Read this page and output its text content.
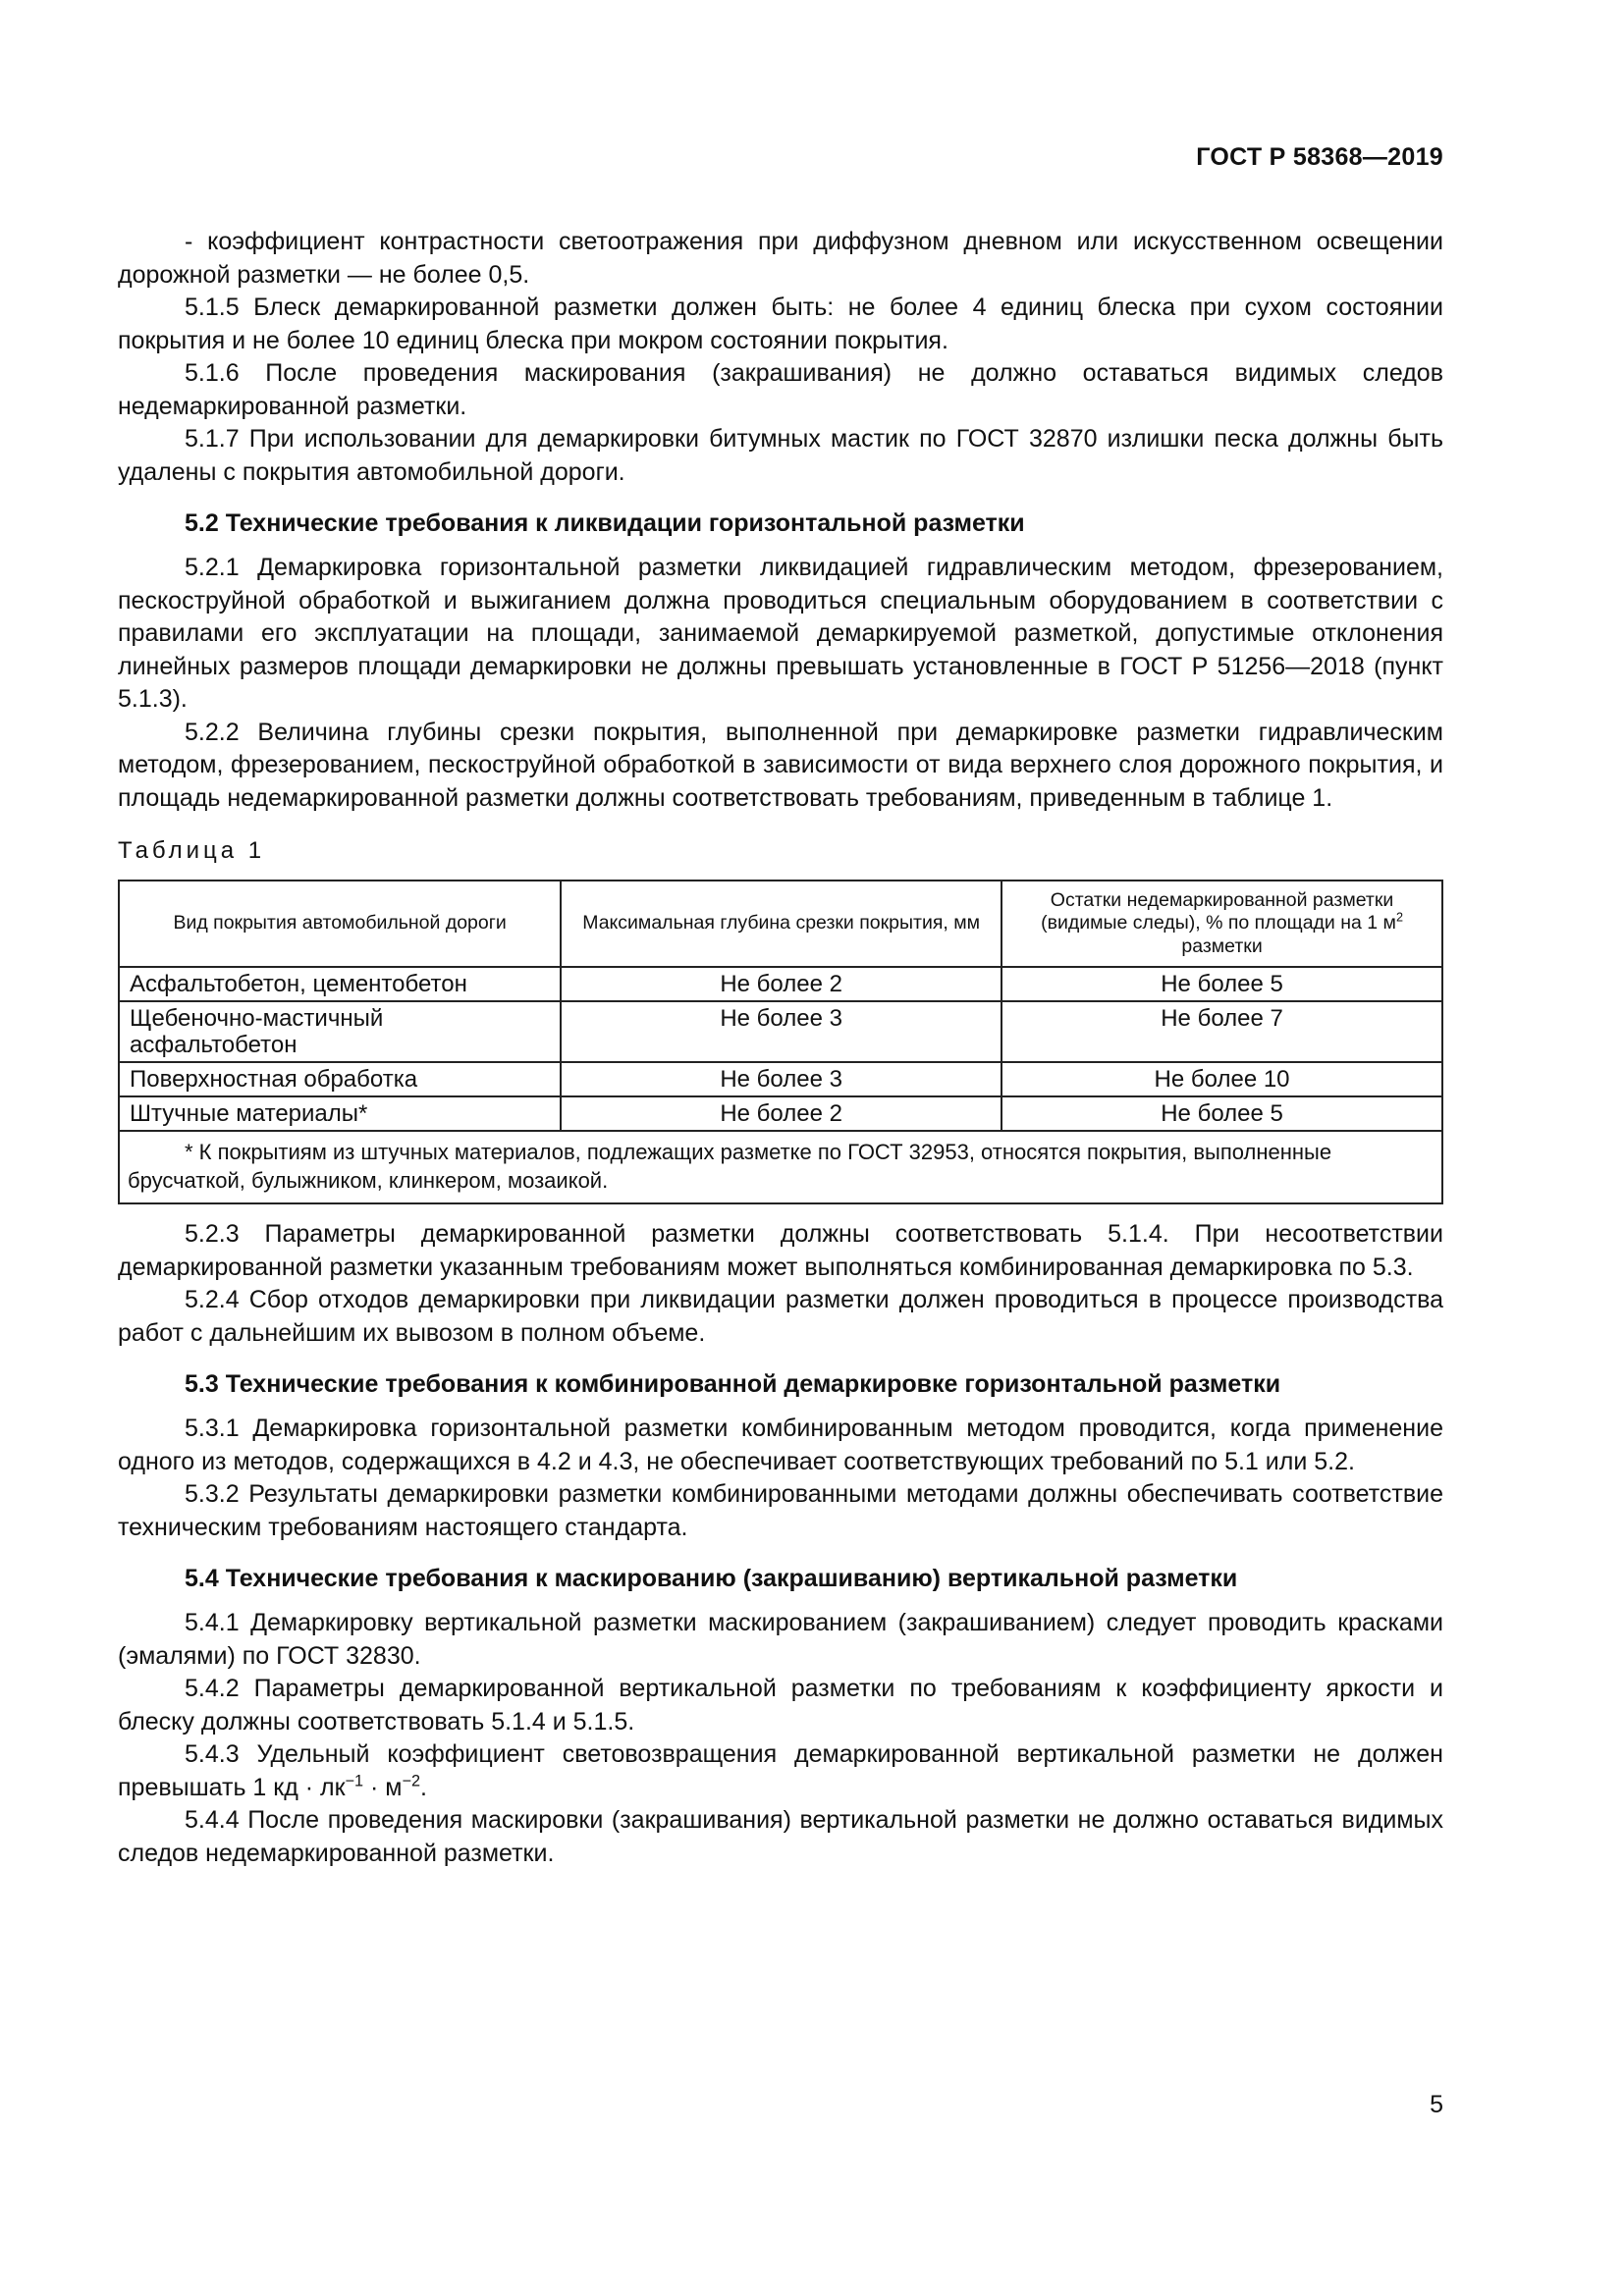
ГОСТ Р 58368—2019

- коэффициент контрастности светоотражения при диффузном дневном или искусственном освещении дорожной разметки — не более 0,5.

5.1.5 Блеск демаркированной разметки должен быть: не более 4 единиц блеска при сухом состоянии покрытия и не более 10 единиц блеска при мокром состоянии покрытия.

5.1.6 После проведения маскирования (закрашивания) не должно оставаться видимых следов недемаркированной разметки.

5.1.7 При использовании для демаркировки битумных мастик по ГОСТ 32870 излишки песка должны быть удалены с покрытия автомобильной дороги.

5.2 Технические требования к ликвидации горизонтальной разметки

5.2.1 Демаркировка горизонтальной разметки ликвидацией гидравлическим методом, фрезерованием, пескоструйной обработкой и выжиганием должна проводиться специальным оборудованием в соответствии с правилами его эксплуатации на площади, занимаемой демаркируемой разметкой, допустимые отклонения линейных размеров площади демаркировки не должны превышать установленные в ГОСТ Р 51256—2018 (пункт 5.1.3).

5.2.2 Величина глубины срезки покрытия, выполненной при демаркировке разметки гидравлическим методом, фрезерованием, пескоструйной обработкой в зависимости от вида верхнего слоя дорожного покрытия, и площадь недемаркированной разметки должны соответствовать требованиям, приведенным в таблице 1.

Таблица 1
Вид покрытия автомобильной дороги	Максимальная глубина срезки покрытия, мм	Остатки недемаркированной разметки (видимые следы), % по площади на 1 $м^2$ разметки
Асфальтобетон, цементобетон	Не более 2	Не более 5

Щебеночно-мастичный асфальтобетон	Не более 3	Не более 7
Поверхностная обработка	Не более 3	Не более 10
Штучные материалы*	Не более 2	Не более 5
* К покрытиям из штучных материалов, подлежащих разметке по ГОСТ 32953, относятся покрытия, выполненные брусчаткой, булыжником, клинкером, мозаикой.		

5.2.3 Параметры демаркированной разметки должны соответствовать 5.1.4. При несоответствии демаркированной разметки указанным требованиям может выполняться комбинированная демаркировка по 5.3.

5.2.4 Сбор отходов демаркировки при ликвидации разметки должен проводиться в процессе производства работ с дальнейшим их вывозом в полном объеме.

5.3 Технические требования к комбинированной демаркировке горизонтальной разметки

5.3.1 Демаркировка горизонтальной разметки комбинированным методом проводится, когда применение одного из методов, содержащихся в 4.2 и 4.3, не обеспечивает соответствующих требований по 5.1 или 5.2.

5.3.2 Результаты демаркировки разметки комбинированными методами должны обеспечивать соответствие техническим требованиям настоящего стандарта.

5.4 Технические требования к маскированию (закрашиванию) вертикальной разметки

5.4.1 Демаркировку вертикальной разметки маскированием (закрашиванием) следует проводить красками (эмалями) по ГОСТ 32830.

5.4.2 Параметры демаркированной вертикальной разметки по требованиям к коэффициенту яркости и блеску должны соответствовать 5.1.4 и 5.1.5.

5.4.3 Удельный коэффициент световозвращения демаркированной вертикальной разметки не должен превышать 1 кд · $лк^{-1} \cdot м^{-2}$.

5.4.4 После проведения маскировки (закрашивания) вертикальной разметки не должно оставаться видимых следов недемаркированной разметки.

5
